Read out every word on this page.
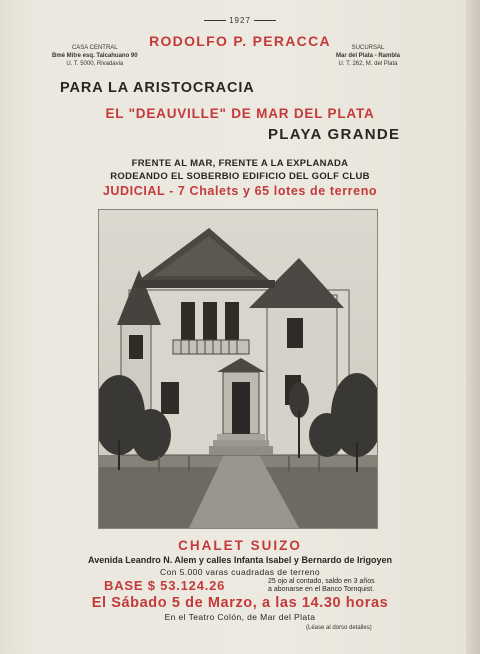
1927
RODOLFO P. PERACCA
CASA CENTRAL
Bmé Mitre esq. Talcahuano 90
U. T. 5000, Rivadavia
SUCURSAL
Mar del Plata - Rambla
U. T. 262, M. del Plata
PARA LA ARISTOCRACIA
EL "DEAUVILLE" DE MAR DEL PLATA
PLAYA GRANDE
FRENTE AL MAR, FRENTE A LA EXPLANADA
RODEANDO EL SOBERBIO EDIFICIO DEL GOLF CLUB
JUDICIAL - 7 Chalets y 65 lotes de terreno
CHALET SUIZO
Avenida Leandro N. Alem y calles Infanta Isabel y Bernardo de Irigoyen
Con 5.000 varas cuadradas de terreno
BASE $ 53.124.26	25 ojo al contado, saldo en 3 años
a abonarse en el Banco Tornquist.
El Sábado 5 de Marzo, a las 14.30 horas
En el Teatro Colón, de Mar del Plata
(Léase al dorso detalles)
